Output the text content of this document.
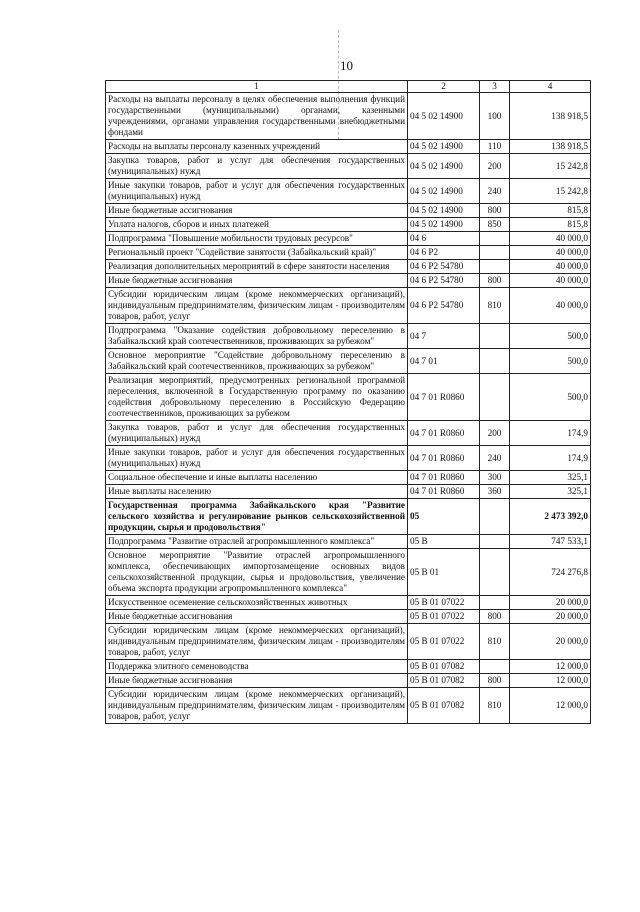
10
1	2	3	4
Расходы на выплаты персоналу в целях обеспечения выполнения функций государственными (муниципальными) органами, казенными учреждениями, органами управления государственными внебюджетными фондами	04 5 02 14900	100	138 918,5
Расходы на выплаты персоналу казенных учреждений	04 5 02 14900	110	138 918,5
Закупка товаров, работ и услуг для обеспечения государственных (муниципальных) нужд	04 5 02 14900	200	15 242,8
Иные закупки товаров, работ и услуг для обеспечения государственных (муниципальных) нужд	04 5 02 14900	240	15 242,8
Иные бюджетные ассигнования	04 5 02 14900	800	815,8
Уплата налогов, сборов и иных платежей	04 5 02 14900	850	815,8
Подпрограмма "Повышение мобильности трудовых ресурсов"	04 6		40 000,0
Региональный проект "Содействие занятости (Забайкальский край)"	04 6 P2		40 000,0
Реализация дополнительных мероприятий в сфере занятости населения	04 6 P2 54780		40 000,0
Иные бюджетные ассигнования	04 6 P2 54780	800	40 000,0
Субсидии юридическим лицам (кроме некоммерческих организаций), индивидуальным предпринимателям, физическим лицам - производителям товаров, работ, услуг	04 6 P2 54780	810	40 000,0
Подпрограмма "Оказание содействия добровольному переселению в Забайкальский край соотечественников, проживающих за рубежом"	04 7		500,0
Основное мероприятие "Содействие добровольному переселению в Забайкальский край соотечественников, проживающих за рубежом"	04 7 01		500,0
Реализация мероприятий, предусмотренных региональной программой переселения, включенной в Государственную программу по оказанию содействия добровольному переселению в Российскую Федерацию соотечественников, проживающих за рубежом	04 7 01 R0860		500,0
Закупка товаров, работ и услуг для обеспечения государственных (муниципальных) нужд	04 7 01 R0860	200	174,9
Иные закупки товаров, работ и услуг для обеспечения государственных (муниципальных) нужд	04 7 01 R0860	240	174,9
Социальное обеспечение и иные выплаты населению	04 7 01 R0860	300	325,1
Иные выплаты населению	04 7 01 R0860	360	325,1
Государственная программа Забайкальского края "Развитие сельского хозяйства и регулирование рынков сельскохозяйственной продукции, сырья и продовольствия"	05		2 473 392,0
Подпрограмма "Развитие отраслей агропромышленного комплекса"	05 В		747 533,1
Основное мероприятие "Развитие отраслей агропромышленного комплекса, обеспечивающих импортозамещение основных видов сельскохозяйственной продукции, сырья и продовольствия, увеличение объема экспорта продукции агропромышленного комплекса"	05 В 01		724 276,8
Искусственное осеменение сельскохозяйственных животных	05 В 01 07022		20 000,0
Иные бюджетные ассигнования	05 В 01 07022	800	20 000,0
Субсидии юридическим лицам (кроме некоммерческих организаций), индивидуальным предпринимателям, физическим лицам - производителям товаров, работ, услуг	05 В 01 07022	810	20 000,0
Поддержка элитного семеноводства	05 В 01 07082		12 000,0
Иные бюджетные ассигнования	05 В 01 07082	800	12 000,0
Субсидии юридическим лицам (кроме некоммерческих организаций), индивидуальным предпринимателям, физическим лицам - производителям товаров, работ, услуг	05 В 01 07082	810	12 000,0
